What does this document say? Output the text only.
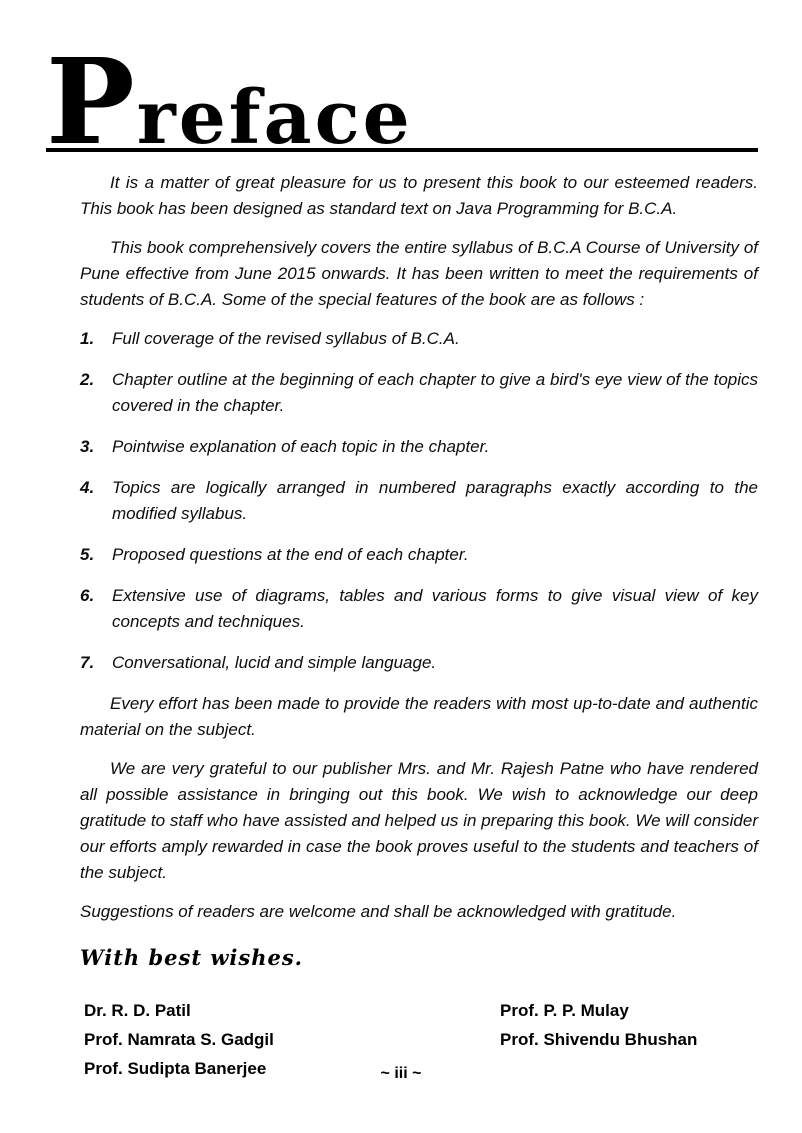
P reface

It is a matter of great pleasure for us to present this book to our esteemed readers. This book has been designed as standard text on Java Programming for B.C.A.

This book comprehensively covers the entire syllabus of B.C.A Course of University of Pune effective from June 2015 onwards. It has been written to meet the requirements of students of B.C.A. Some of the special features of the book are as follows :

1. Full coverage of the revised syllabus of B.C.A.
2. Chapter outline at the beginning of each chapter to give a bird's eye view of the topics covered in the chapter.
3. Pointwise explanation of each topic in the chapter.
4. Topics are logically arranged in numbered paragraphs exactly according to the modified syllabus.
5. Proposed questions at the end of each chapter.
6. Extensive use of diagrams, tables and various forms to give visual view of key concepts and techniques.
7. Conversational, lucid and simple language.

Every effort has been made to provide the readers with most up-to-date and authentic material on the subject.

We are very grateful to our publisher Mrs. and Mr. Rajesh Patne who have rendered all possible assistance in bringing out this book. We wish to acknowledge our deep gratitude to staff who have assisted and helped us in preparing this book. We will consider our efforts amply rewarded in case the book proves useful to the students and teachers of the subject.

Suggestions of readers are welcome and shall be acknowledged with gratitude.

With best wishes.
Dr. R. D. Patil
Prof. Namrata S. Gadgil
Prof. Sudipta Banerjee
Prof. P. P. Mulay
Prof. Shivendu Bhushan
~ iii ~
